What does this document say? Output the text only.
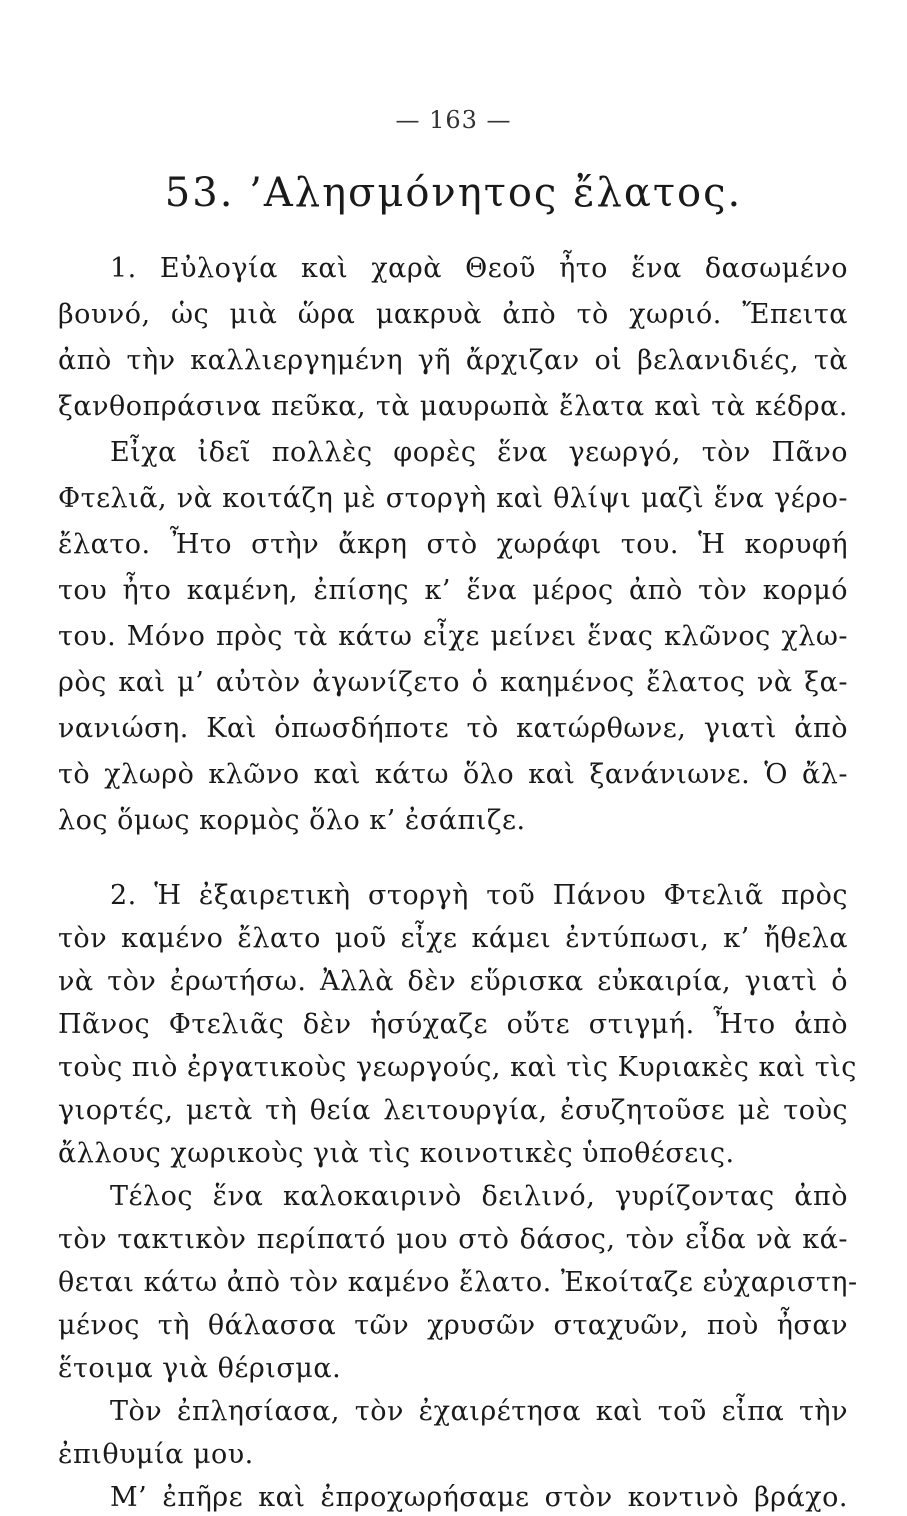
— 163 —
53. ’Αλησμόνητος ἔλατος.
1. Εὐλογία καὶ χαρὰ Θεοῦ ἦτο ἕνα δασωμένο
βουνό, ὡς μιὰ ὥρα μακρυὰ ἀπὸ τὸ χωριό. Ἔπειτα
ἀπὸ τὴν καλλιεργημένη γῆ ἄρχιζαν οἱ βελανιδιές, τὰ
ξανθοπράσινα πεῦκα, τὰ μαυρωπὰ ἔλατα καὶ τὰ κέδρα.
Εἶχα ἰδεῖ πολλὲς φορὲς ἕνα γεωργό, τὸν Πᾶνο
Φτελιᾶ, νὰ κοιτάζη μὲ στοργὴ καὶ θλίψι μαζὶ ἕνα γέρο-
ἔλατο. Ἦτο στὴν ἄκρη στὸ χωράφι του. Ἡ κορυφή
του ἦτο καμένη, ἐπίσης κ’ ἕνα μέρος ἀπὸ τὸν κορμό
του. Μόνο πρὸς τὰ κάτω εἶχε μείνει ἕνας κλῶνος χλω-
ρὸς καὶ μ’ αὐτὸν ἀγωνίζετο ὁ καημένος ἔλατος νὰ ξα-
νανιώση. Καὶ ὁπωσδήποτε τὸ κατώρθωνε, γιατὶ ἀπὸ
τὸ χλωρὸ κλῶνο καὶ κάτω ὅλο καὶ ξανάνιωνε. Ὁ ἄλ-
λος ὅμως κορμὸς ὅλο κ’ ἐσάπιζε.
2. Ἡ ἐξαιρετικὴ στοργὴ τοῦ Πάνου Φτελιᾶ πρὸς
τὸν καμένο ἔλατο μοῦ εἶχε κάμει ἐντύπωσι, κ’ ἤθελα
νὰ τὸν ἐρωτήσω. Ἀλλὰ δὲν εὕρισκα εὐκαιρία, γιατὶ ὁ
Πᾶνος Φτελιᾶς δὲν ἡσύχαζε οὔτε στιγμή. Ἦτο ἀπὸ
τοὺς πιὸ ἐργατικοὺς γεωργούς, καὶ τὶς Κυριακὲς καὶ τὶς
γιορτές, μετὰ τὴ θεία λειτουργία, ἐσυζητοῦσε μὲ τοὺς
ἄλλους χωρικοὺς γιὰ τὶς κοινοτικὲς ὑποθέσεις.
Τέλος ἕνα καλοκαιρινὸ δειλινό, γυρίζοντας ἀπὸ
τὸν τακτικὸν περίπατό μου στὸ δάσος, τὸν εἶδα νὰ κά-
θεται κάτω ἀπὸ τὸν καμένο ἔλατο. Ἐκοίταζε εὐχαριστη-
μένος τὴ θάλασσα τῶν χρυσῶν σταχυῶν, ποὺ ἦσαν
ἕτοιμα γιὰ θέρισμα.
Τὸν ἐπλησίασα, τὸν ἐχαιρέτησα καὶ τοῦ εἶπα τὴν
ἐπιθυμία μου.
Μ’ ἐπῆρε καὶ ἐπροχωρήσαμε στὸν κοντινὸ βράχο.
